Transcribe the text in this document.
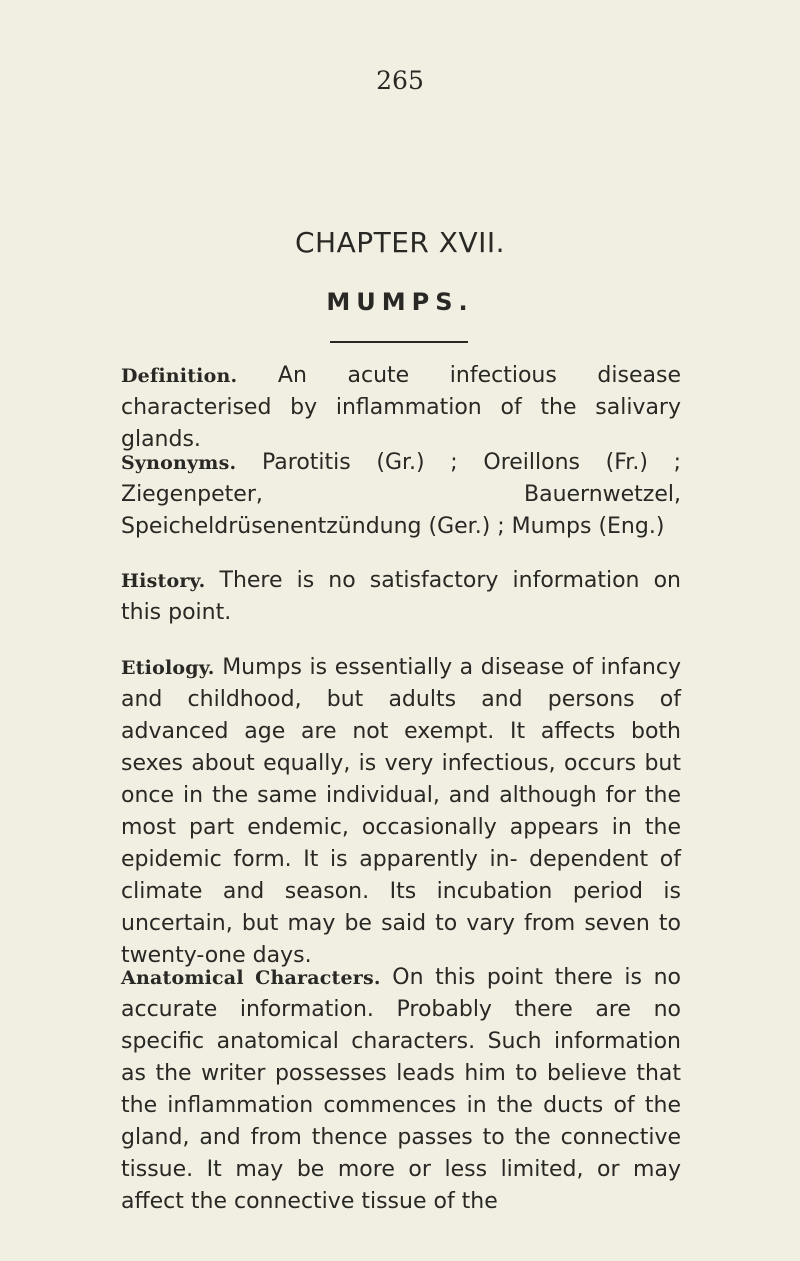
265
CHAPTER XVII.
MUMPS.

Definition. An acute infectious disease characterised by inflammation of the salivary glands.

Synonyms. Parotitis (Gr.) ; Oreillons (Fr.) ; Ziegenpeter, Bauernwetzel, Speicheldrüsenentzündung (Ger.) ; Mumps (Eng.)

History. There is no satisfactory information on this point.

Etiology. Mumps is essentially a disease of infancy and childhood, but adults and persons of advanced age are not exempt. It affects both sexes about equally, is very infectious, occurs but once in the same individual, and although for the most part endemic, occasionally appears in the epidemic form. It is apparently in- dependent of climate and season. Its incubation period is uncertain, but may be said to vary from seven to twenty-one days.

Anatomical Characters. On this point there is no accurate information. Probably there are no specific anatomical characters. Such information as the writer possesses leads him to believe that the inflammation commences in the ducts of the gland, and from thence passes to the connective tissue. It may be more or less limited, or may affect the connective tissue of the
